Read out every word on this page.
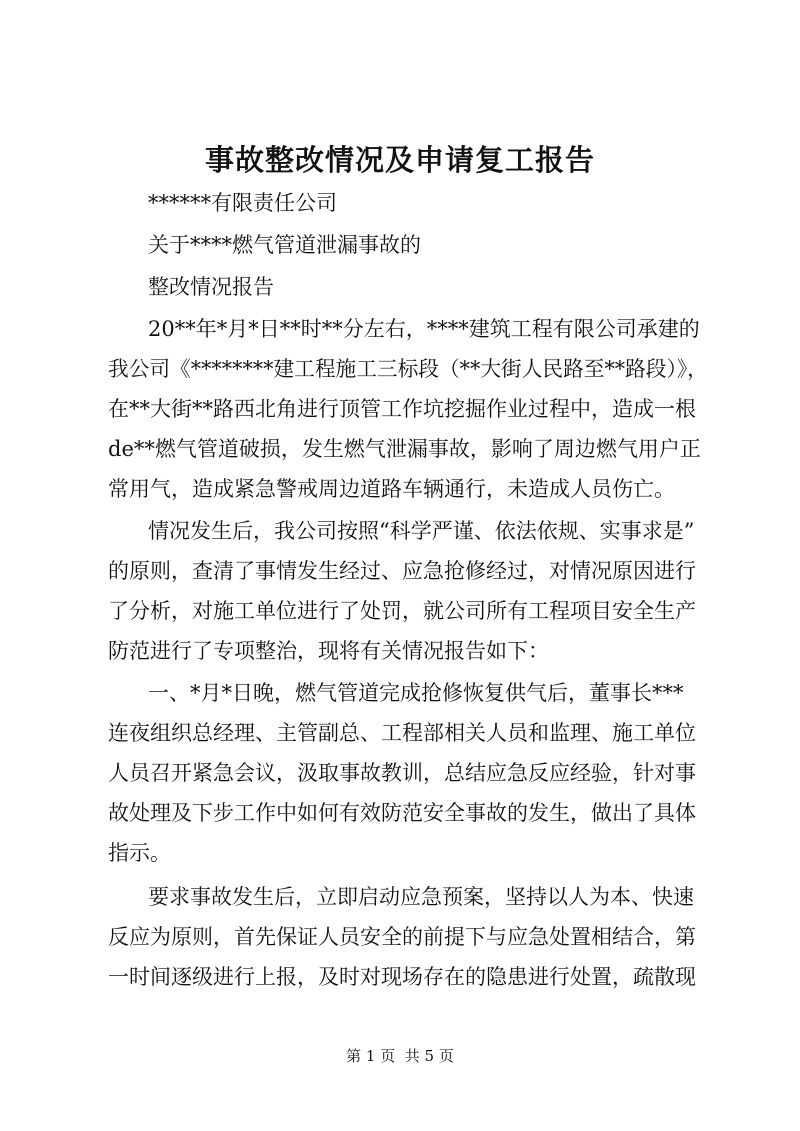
事故整改情况及申请复工报告
******有限责任公司
关于****燃气管道泄漏事故的
整改情况报告
20**年*月*日**时**分左右，****建筑工程有限公司承建的
我公司《********建工程施工三标段（**大街人民路至**路段）》，
在**大街**路西北角进行顶管工作坑挖掘作业过程中，造成一根
de**燃气管道破损，发生燃气泄漏事故，影响了周边燃气用户正
常用气，造成紧急警戒周边道路车辆通行，未造成人员伤亡。
情况发生后，我公司按照“科学严谨、依法依规、实事求是”
的原则，查清了事情发生经过、应急抢修经过，对情况原因进行
了分析，对施工单位进行了处罚，就公司所有工程项目安全生产
防范进行了专项整治，现将有关情况报告如下：
一、*月*日晚，燃气管道完成抢修恢复供气后，董事长***
连夜组织总经理、主管副总、工程部相关人员和监理、施工单位
人员召开紧急会议，汲取事故教训，总结应急反应经验，针对事
故处理及下步工作中如何有效防范安全事故的发生，做出了具体
指示。
要求事故发生后，立即启动应急预案，坚持以人为本、快速
反应为原则，首先保证人员安全的前提下与应急处置相结合，第
一时间逐级进行上报，及时对现场存在的隐患进行处置，疏散现
第 1 页  共 5 页
